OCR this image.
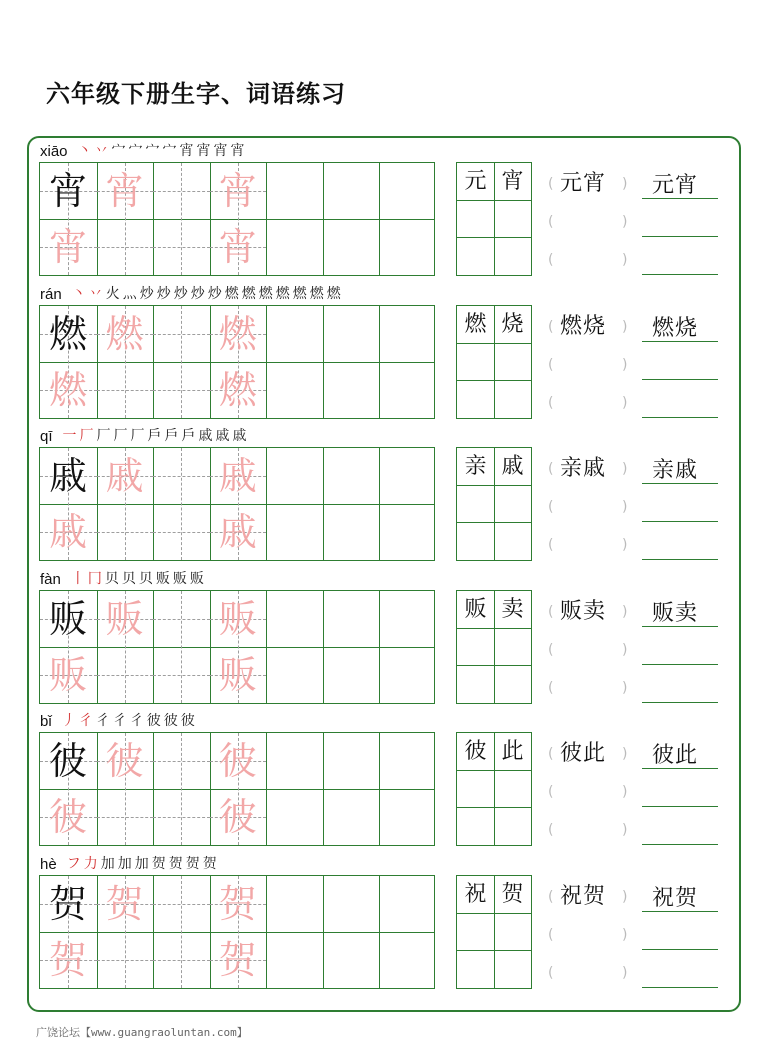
六年级下册生字、词语练习
xiāo 丶 丷 宀 宀 宀 宀 宵 宵 宵 宵
宵 宵 宵
宵	宵
元 宵	(	)
(	)
(	)
元宵 元宵
rán 丶 丷 火 灬 炒 炒 炒 炒 炒 燃 燃 燃 燃 燃 燃 燃
燃 燃 燃
燃	燃
燃 烧	(	)
(	)
(	)
燃烧 燃烧
qī 一 厂 厂 厂 厂 戶 戶 戶 戚 戚 戚
戚 戚 戚
戚	戚
亲 戚	(	)
(	)
(	)
亲戚 亲戚
fàn 丨 冂 贝 贝 贝 贩 贩 贩
贩 贩 贩
贩	贩
贩 卖	(	)
(	)
(	)
贩卖 贩卖
bǐ 丿 彳 彳 彳 彳 彼 彼 彼
彼 彼 彼
彼	彼
彼 此	(	)
(	)
(	)
彼此 彼此
hè フ 力 加 加 加 贺 贺 贺 贺
贺 贺 贺
贺	贺
祝 贺	(	)
(	)
(	)
祝贺 祝贺
广饶论坛【www.guangraoluntan.com】
